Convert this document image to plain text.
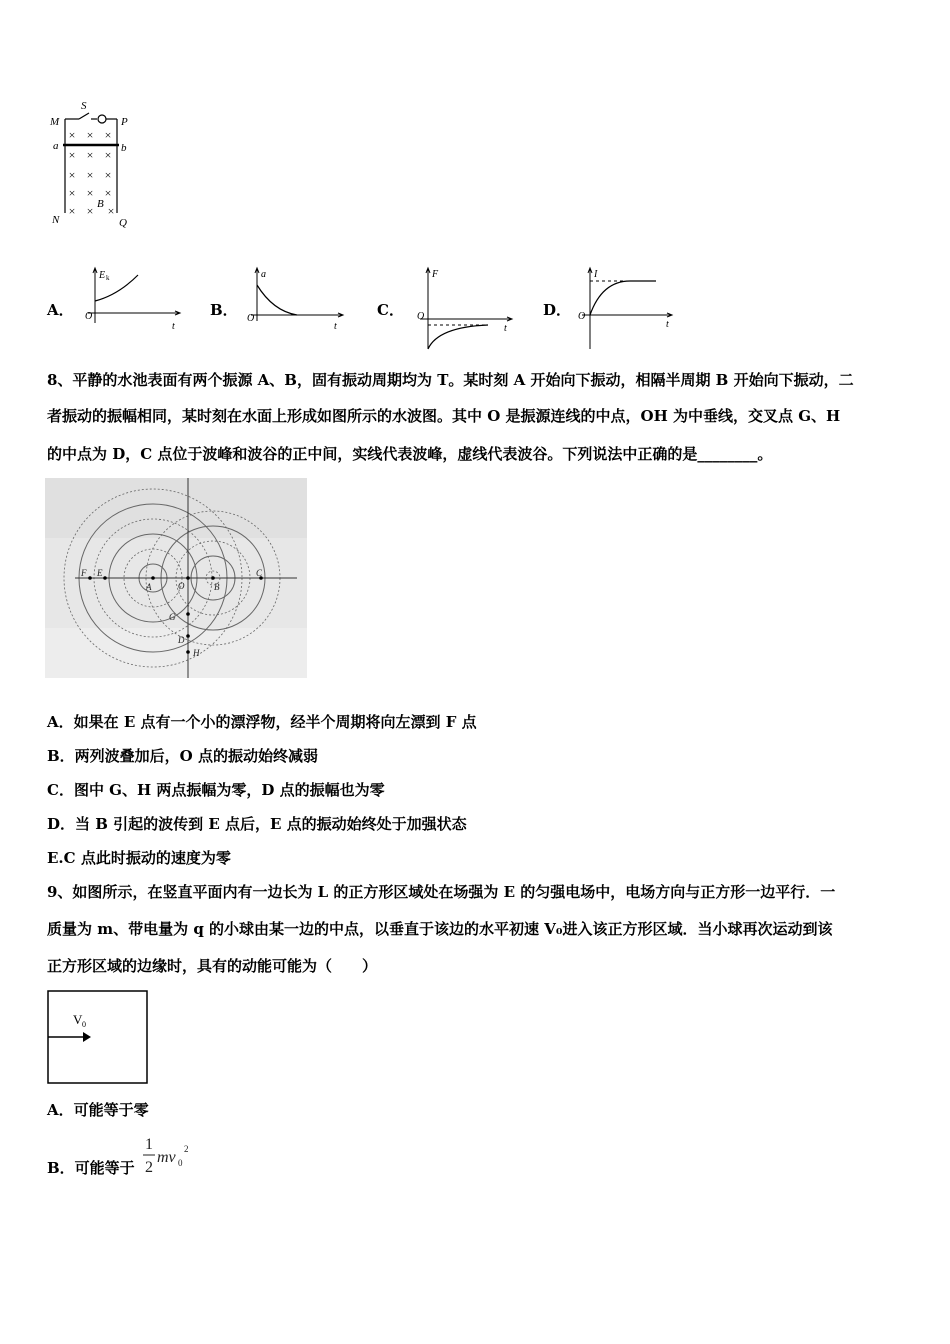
× × ×
× × ×
× × ×
× × ×
× × ×
M
S
P
a	b
N
B
Q
A．
E k
O
t
B．
a
O
t
C．
F
O
t
D．
I
O
t
8、平静的水池表面有两个振源 A、B，固有振动周期均为 T。某时刻 A 开始向下振动，相隔半周期 B 开始向下振动，二
者振动的振幅相同，某时刻在水面上形成如图所示的水波图。其中 O 是振源连线的中点，OH 为中垂线，交叉点 G、H
的中点为 D，C 点位于波峰和波谷的正中间，实线代表波峰，虚线代表波谷。下列说法中正确的是________。
F E
A	O	B
C
G
D
H
A．如果在 E 点有一个小的漂浮物，经半个周期将向左漂到 F 点
B．两列波叠加后，O 点的振动始终减弱
C．图中 G、H 两点振幅为零，D 点的振幅也为零
D．当 B 引起的波传到 E 点后，E 点的振动始终处于加强状态
E.C 点此时振动的速度为零
9、如图所示，在竖直平面内有一边长为 L 的正方形区域处在场强为 E 的匀强电场中，电场方向与正方形一边平行．一
质量为 m、带电量为 q 的小球由某一边的中点，以垂直于该边的水平初速 V₀进入该正方形区域．当小球再次运动到该
正方形区域的边缘时，具有的动能可能为（　　）
V 0
A．可能等于零
B．可能等于
1
2
mv 0
2
